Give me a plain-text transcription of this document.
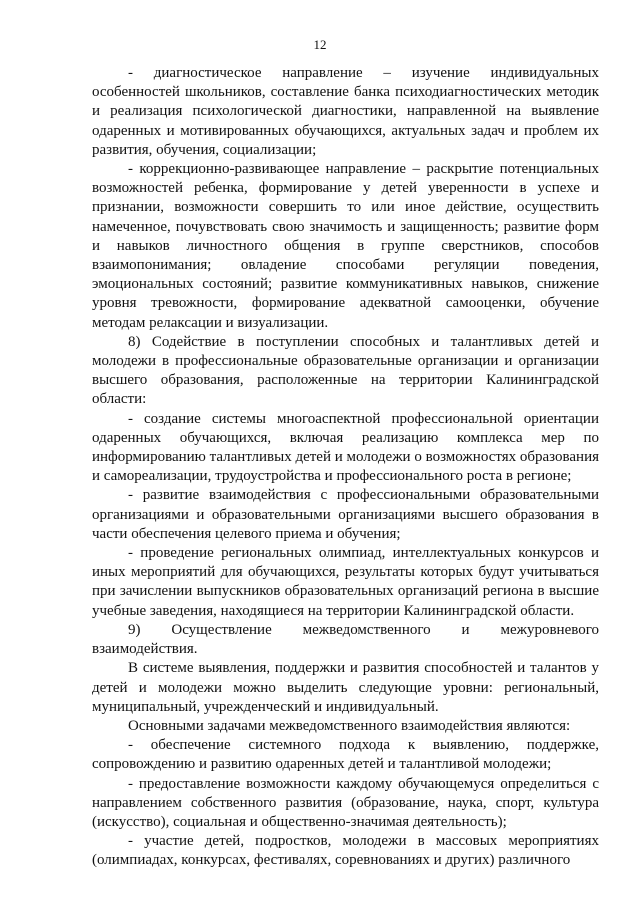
12

- диагностическое направление – изучение индивидуальных особенностей школьников, составление банка психодиагностических методик и реализация психологической диагностики, направленной на выявление одаренных и мотивированных обучающихся, актуальных задач и проблем их развития, обучения, социализации;

- коррекционно-развивающее направление – раскрытие потенциальных возможностей ребенка, формирование у детей уверенности в успехе и признании, возможности совершить то или иное действие, осуществить намеченное, почувствовать свою значимость и защищенность; развитие форм и навыков личностного общения в группе сверстников, способов взаимопонимания; овладение способами регуляции поведения, эмоциональных состояний; развитие коммуникативных навыков, снижение уровня тревожности, формирование адекватной самооценки, обучение методам релаксации и визуализации.

8) Содействие в поступлении способных и талантливых детей и молодежи в профессиональные образовательные организации и организации высшего образования, расположенные на территории Калининградской области:

- создание системы многоаспектной профессиональной ориентации одаренных обучающихся, включая реализацию комплекса мер по информированию талантливых детей и молодежи о возможностях образования и самореализации, трудоустройства и профессионального роста в регионе;

- развитие взаимодействия с профессиональными образовательными организациями и образовательными организациями высшего образования в части обеспечения целевого приема и обучения;

- проведение региональных олимпиад, интеллектуальных конкурсов и иных мероприятий для обучающихся, результаты которых будут учитываться при зачислении выпускников образовательных организаций региона в высшие учебные заведения, находящиеся на территории Калининградской области.

9) Осуществление межведомственного и межуровневого взаимодействия.

В системе выявления, поддержки и развития способностей и талантов у детей и молодежи можно выделить следующие уровни: региональный, муниципальный, учрежденческий и индивидуальный.

Основными задачами межведомственного взаимодействия являются:

- обеспечение системного подхода к выявлению, поддержке, сопровождению и развитию одаренных детей и талантливой молодежи;

- предоставление возможности каждому обучающемуся определиться с направлением собственного развития (образование, наука, спорт, культура (искусство), социальная и общественно-значимая деятельность);

- участие детей, подростков, молодежи в массовых мероприятиях (олимпиадах, конкурсах, фестивалях, соревнованиях и других) различного
